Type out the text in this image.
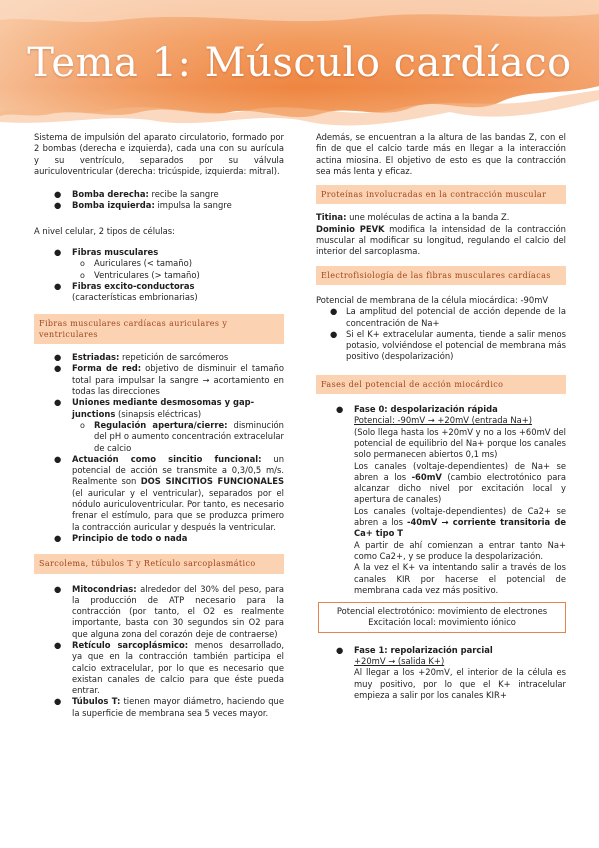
Tema 1: Músculo cardíaco

Sistema de impulsión del aparato circulatorio, formado por 2 bombas (derecha e izquierda), cada una con su aurícula y su ventrículo, separados por su válvula auriculoventricular (derecha: tricúspide, izquierda: mitral).

● Bomba derecha: recibe la sangre
● Bomba izquierda: impulsa la sangre

A nivel celular, 2 tipos de células:

● Fibras musculares
o Auriculares (< tamaño)
o Ventriculares (> tamaño)
● Fibras excito-conductoras
(características embrionarias)
Fibras musculares cardíacas auriculares y ventriculares
● Estriadas: repetición de sarcómeros
● Forma de red: objetivo de disminuir el tamaño total para impulsar la sangre → acortamiento en todas las direcciones
● Uniones mediante desmosomas y gap-junctions (sinapsis eléctricas)
o Regulación apertura/cierre: disminución del pH o aumento concentración extracelular de calcio
● Actuación como sincitio funcional: un potencial de acción se transmite a 0,3/0,5 m/s. Realmente son DOS SINCITIOS FUNCIONALES (el auricular y el ventricular), separados por el nódulo auriculoventricular. Por tanto, es necesario frenar el estímulo, para que se produzca primero la contracción auricular y después la ventricular.
● Principio de todo o nada
Sarcolema, túbulos T y Retículo sarcoplasmático
● Mitocondrias: alrededor del 30% del peso, para la producción de ATP necesario para la contracción (por tanto, el O2 es realmente importante, basta con 30 segundos sin O2 para que alguna zona del corazón deje de contraerse)
● Retículo sarcoplásmico: menos desarrollado, ya que en la contracción también participa el calcio extracelular, por lo que es necesario que existan canales de calcio para que éste pueda entrar.
● Túbulos T: tienen mayor diámetro, haciendo que la superficie de membrana sea 5 veces mayor.

Además, se encuentran a la altura de las bandas Z, con el fin de que el calcio tarde más en llegar a la interacción actina miosina. El objetivo de esto es que la contracción sea más lenta y eficaz.

Proteínas involucradas en la contracción muscular

Titina: une moléculas de actina a la banda Z.

Dominio PEVK modifica la intensidad de la contracción muscular al modificar su longitud, regulando el calcio del interior del sarcoplasma.

Electrofisiología de las fibras musculares cardíacas

Potencial de membrana de la célula miocárdica: -90mV

● La amplitud del potencial de acción depende de la concentración de Na+
● Si el K+ extracelular aumenta, tiende a salir menos potasio, volviéndose el potencial de membrana más positivo (despolarización)
Fases del potencial de acción miocárdico
● Fase 0: despolarización rápida
Potencial: -90mV → +20mV (entrada Na+)
(Solo llega hasta los +20mV y no a los +60mV del potencial de equilibrio del Na+ porque los canales solo permanecen abiertos 0,1 ms)
Los canales (voltaje-dependientes) de Na+ se abren a los -60mV (cambio electrotónico para alcanzar dicho nivel por excitación local y apertura de canales)
Los canales (voltaje-dependientes) de Ca2+ se abren a los -40mV → corriente transitoria de Ca+ tipo T
A partir de ahí comienzan a entrar tanto Na+ como Ca2+, y se produce la despolarización.
A la vez el K+ va intentando salir a través de los canales KIR por hacerse el potencial de membrana cada vez más positivo.
Potencial electrotónico: movimiento de electrones
Excitación local: movimiento iónico
● Fase 1: repolarización parcial
+20mV → (salida K+)
Al llegar a los +20mV, el interior de la célula es muy positivo, por lo que el K+ intracelular empieza a salir por los canales KIR+
